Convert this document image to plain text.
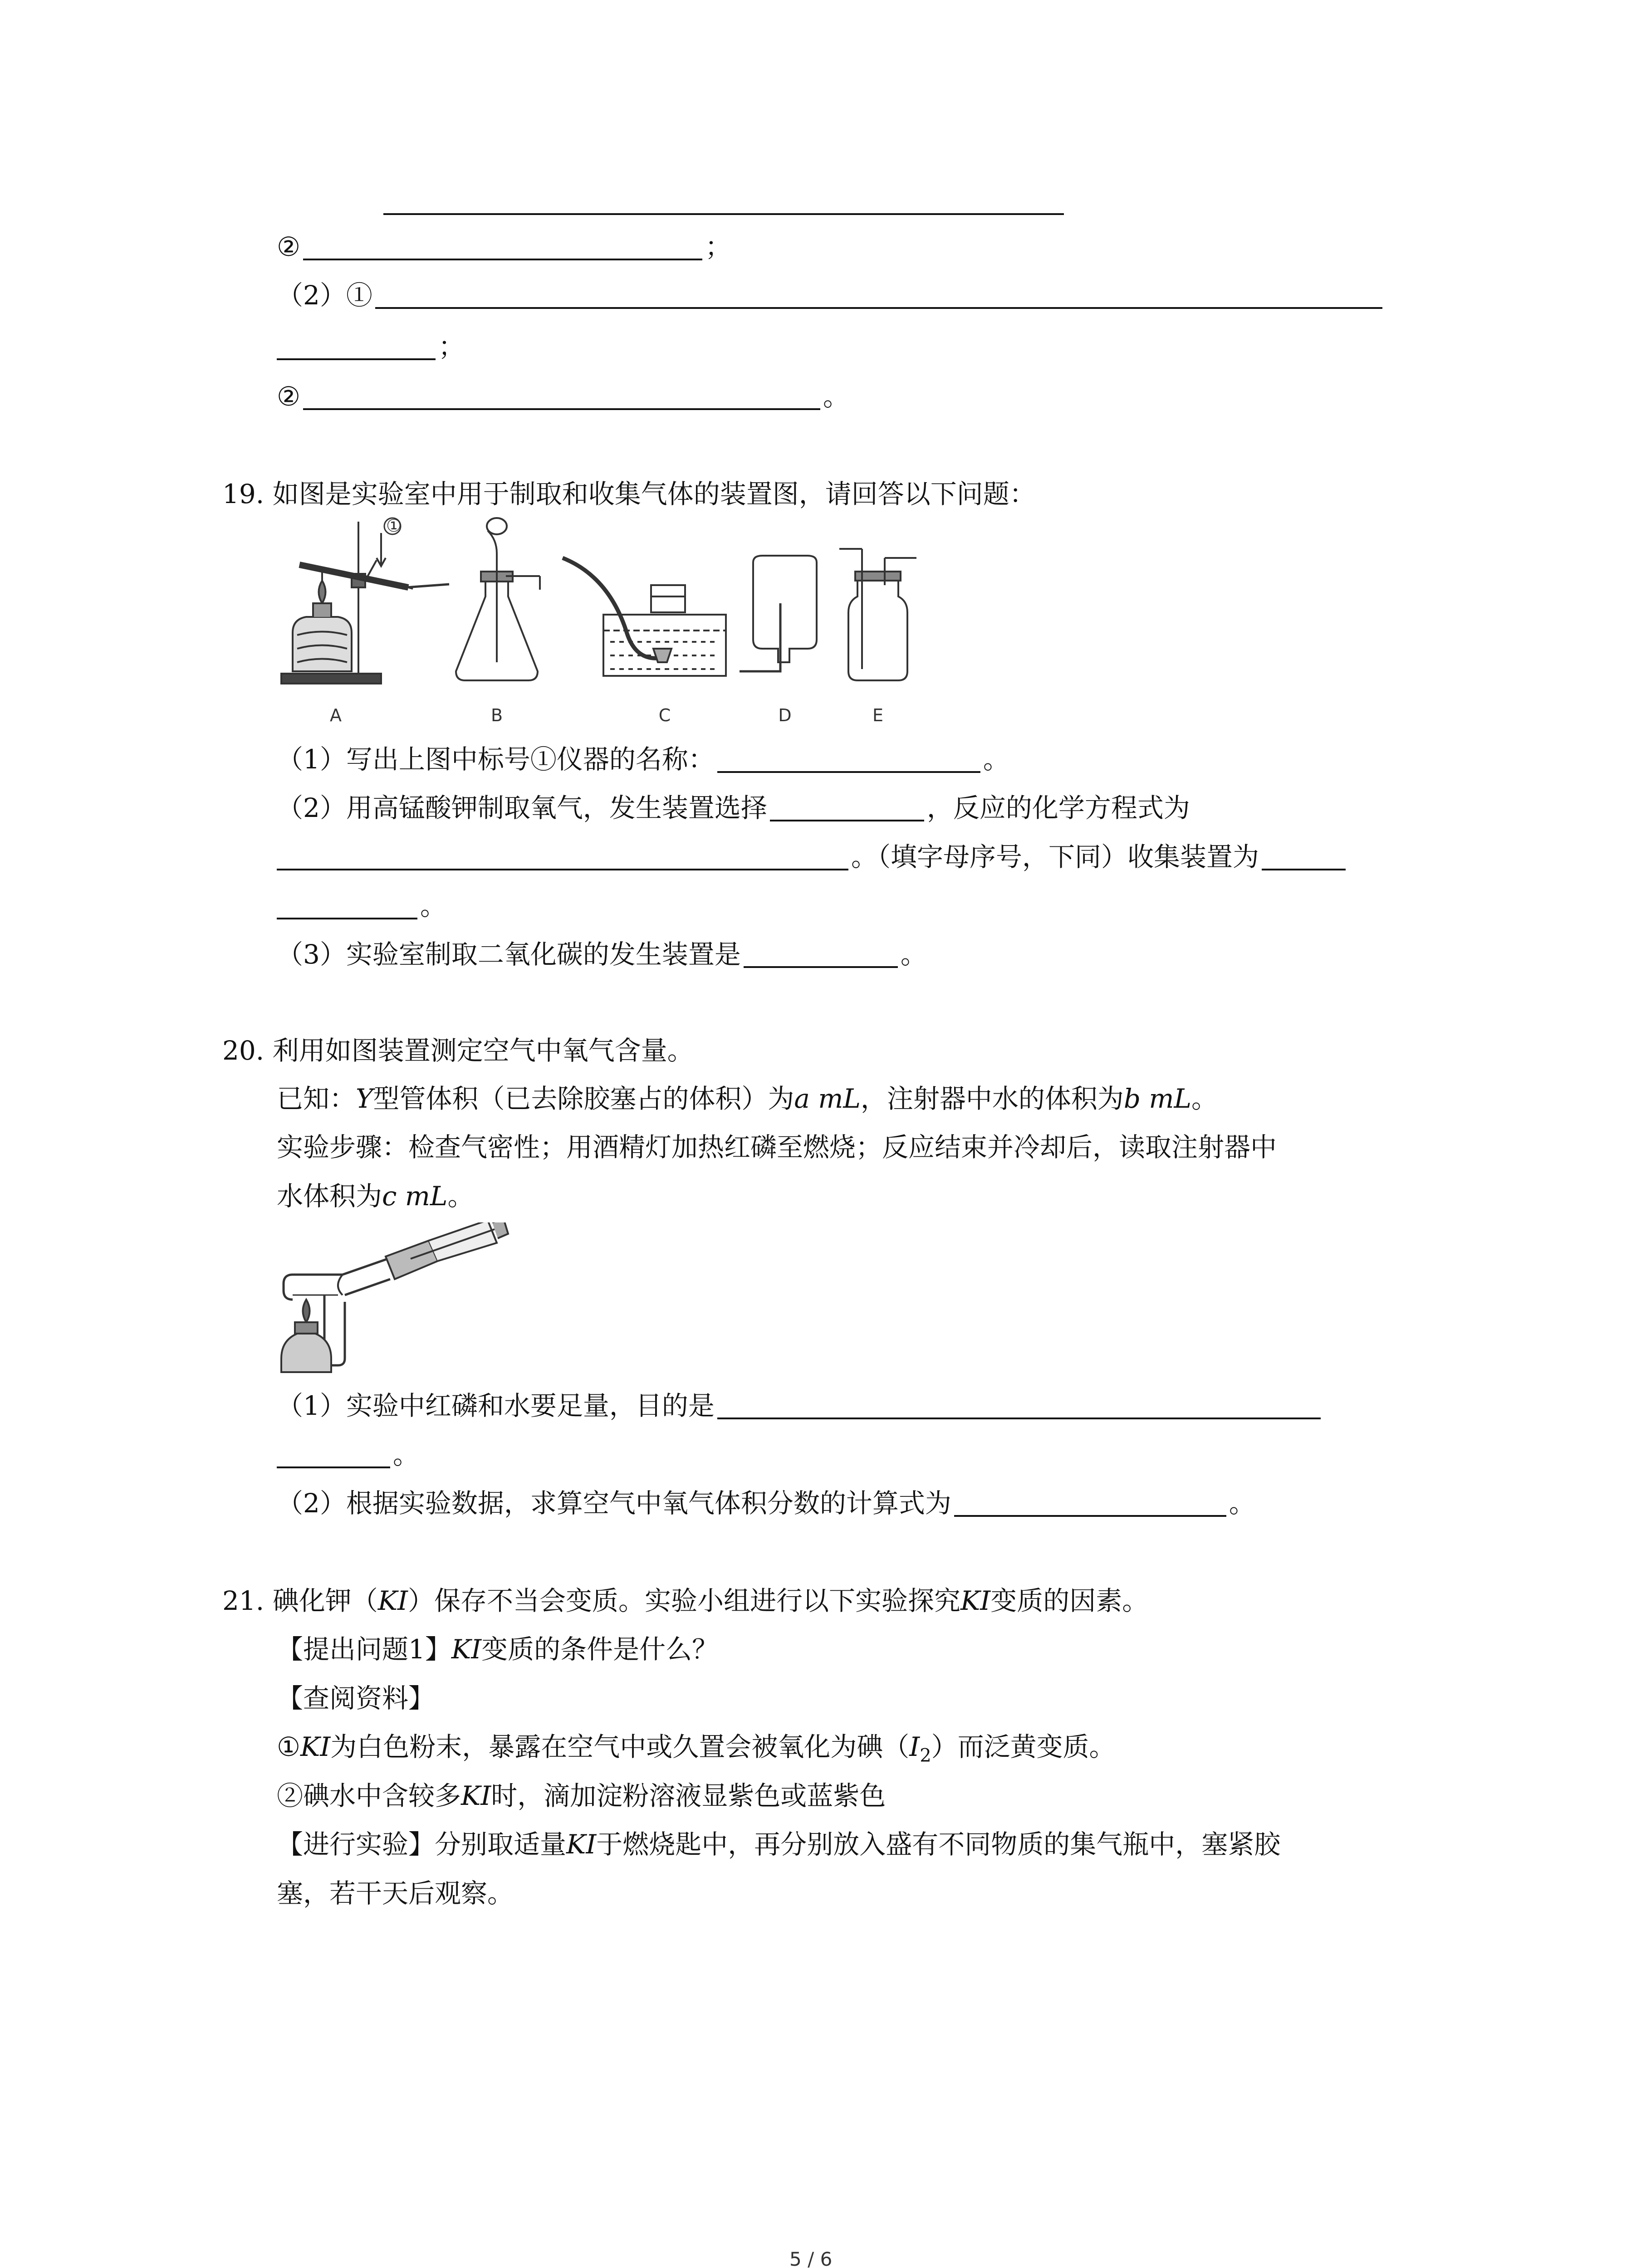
②	；
（2）①
；
②	。
19. 如图是实验室中用于制取和收集气体的装置图，请回答以下问题：
①
A	B	C	D	E
（1）写出上图中标号①仪器的名称：	。
（2）用高锰酸钾制取氧气，发生装置选择	，反应的化学方程式为
。（填字母序号，下同）收集装置为
。
（3）实验室制取二氧化碳的发生装置是	。
20. 利用如图装置测定空气中氧气含量。
已知：Y型管体积（已去除胶塞占的体积）为a mL，注射器中水的体积为b mL。
实验步骤：检查气密性；用酒精灯加热红磷至燃烧；反应结束并冷却后，读取注射器中
水体积为c mL。
（1）实验中红磷和水要足量，目的是
。
（2）根据实验数据，求算空气中氧气体积分数的计算式为	。
21. 碘化钾（KI）保存不当会变质。实验小组进行以下实验探究KI变质的因素。
【提出问题1】KI变质的条件是什么？
【查阅资料】
①KI为白色粉末，暴露在空气中或久置会被氧化为碘$(I_2)$而泛黄变质。
②碘水中含较多KI时，滴加淀粉溶液显紫色或蓝紫色
【进行实验】分别取适量KI于燃烧匙中，再分别放入盛有不同物质的集气瓶中，塞紧胶
塞，若干天后观察。
5 / 6
